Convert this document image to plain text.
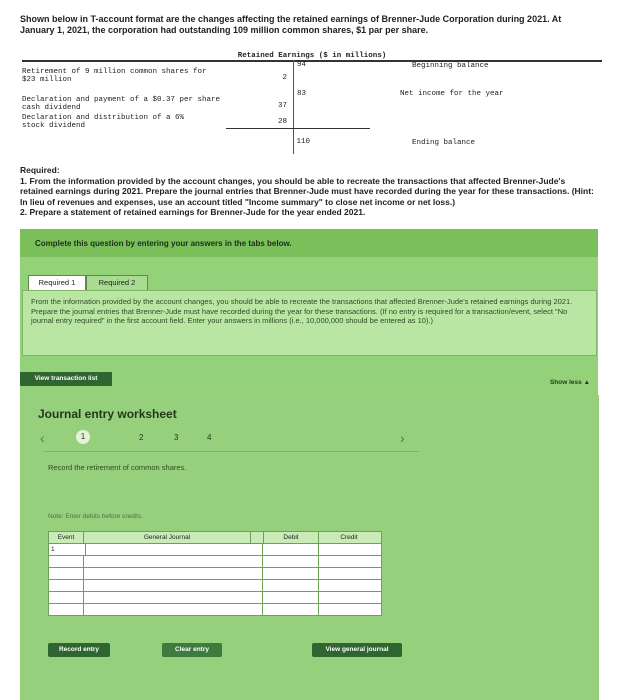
Shown below in T-account format are the changes affecting the retained earnings of Brenner-Jude Corporation during 2021. At
January 1, 2021, the corporation had outstanding 109 million common shares, $1 par per share.
Retained Earnings ($ in millions)
Retirement of 9 million common shares for $23 million	2
Declaration and payment of a $0.37 per share cash dividend	37
Declaration and distribution of a 6% stock dividend	28
94	Beginning balance
83	Net income for the year
110	Ending balance
Required:
1. From the information provided by the account changes, you should be able to recreate the transactions that affected Brenner-Jude's retained earnings during 2021. Prepare the journal entries that Brenner-Jude must have recorded during the year for these transactions. (Hint: In lieu of revenues and expenses, use an account titled "Income summary" to close net income or net loss.)
2. Prepare a statement of retained earnings for Brenner-Jude for the year ended 2021.
Complete this question by entering your answers in the tabs below.
Required 1	Required 2
From the information provided by the account changes, you should be able to recreate the transactions that affected Brenner-Jude's retained earnings during 2021. Prepare the journal entries that Brenner-Jude must have recorded during the year for these transactions. (If no entry is required for a transaction/event, select "No journal entry required" in the first account field. Enter your answers in millions (i.e., 10,000,000 should be entered as 10).)
Show less ▲
View transaction list
Journal entry worksheet
‹	1	2	3	4	›
Record the retirement of common shares.
Note: Enter debits before credits.
Event	General Journal	Debit	Credit
1
Record entry	Clear entry	View general journal
